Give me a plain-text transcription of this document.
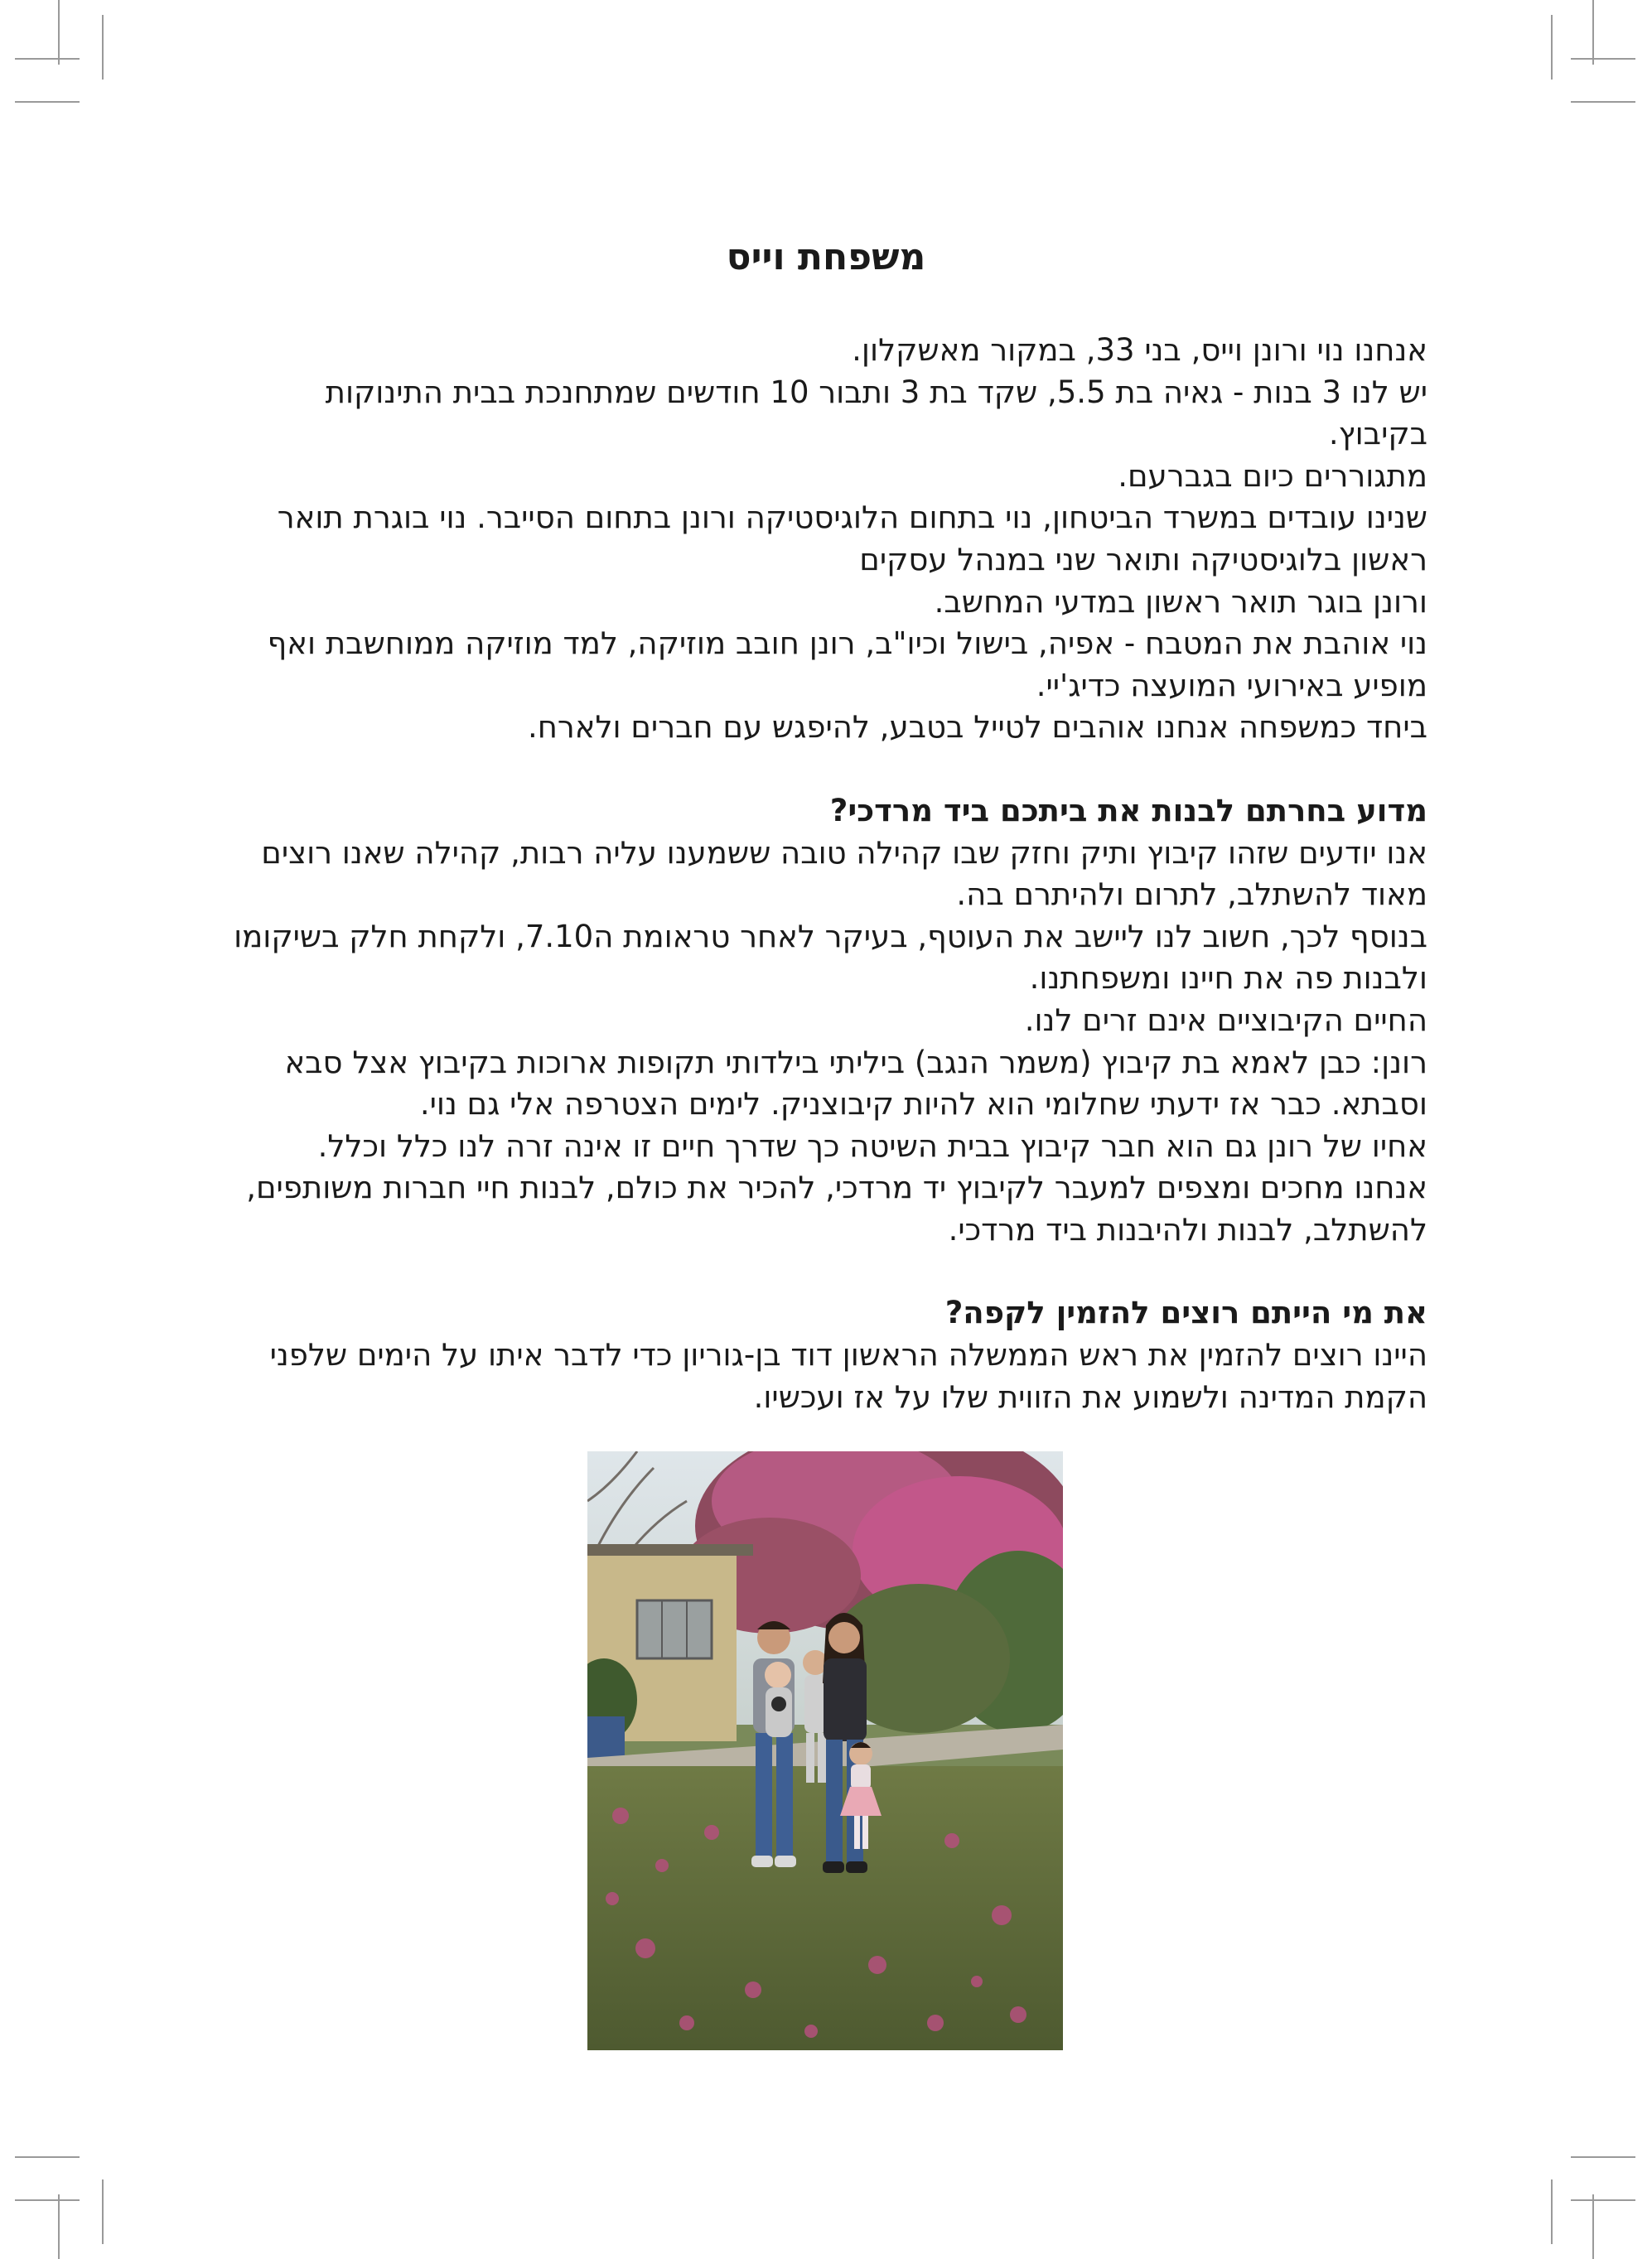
משפחת וייס

אנחנו נוי ורונן וייס, בני 33, במקור מאשקלון.

יש לנו 3 בנות - גאיה בת 5.5, שקד בת 3 ותבור 10 חודשים שמתחנכת בבית התינוקות בקיבוץ.

מתגוררים כיום בגברעם.

שנינו עובדים במשרד הביטחון, נוי בתחום הלוגיסטיקה ורונן בתחום הסייבר. נוי בוגרת תואר ראשון בלוגיסטיקה ותואר שני במנהל עסקים

ורונן בוגר תואר ראשון במדעי המחשב.

נוי אוהבת את המטבח - אפיה, בישול וכיו"ב, רונן חובב מוזיקה, למד מוזיקה ממוחשבת ואף מופיע באירועי המועצה כדיג'יי.

ביחד כמשפחה אנחנו אוהבים לטייל בטבע, להיפגש עם חברים ולארח.

מדוע בחרתם לבנות את ביתכם ביד מרדכי?

אנו יודעים שזהו קיבוץ ותיק וחזק שבו קהילה טובה ששמענו עליה רבות, קהילה שאנו רוצים מאוד להשתלב, לתרום ולהיתרם בה.

בנוסף לכך, חשוב לנו ליישב את העוטף, בעיקר לאחר טראומת ה7.10, ולקחת חלק בשיקומו ולבנות פה את חיינו ומשפחתנו.

החיים הקיבוציים אינם זרים לנו.

רונן: כבן לאמא בת קיבוץ (משמר הנגב) ביליתי בילדותי תקופות ארוכות בקיבוץ אצל סבא וסבתא. כבר אז ידעתי שחלומי הוא להיות קיבוצניק. לימים הצטרפה אלי גם נוי.

אחיו של רונן גם הוא חבר קיבוץ בבית השיטה כך שדרך חיים זו אינה זרה לנו כלל וכלל.

אנחנו מחכים ומצפים למעבר לקיבוץ יד מרדכי, להכיר את כולם, לבנות חיי חברות משותפים, להשתלב, לבנות ולהיבנות ביד מרדכי.

את מי הייתם רוצים להזמין לקפה?

היינו רוצים להזמין את ראש הממשלה הראשון דוד בן-גוריון כדי לדבר איתו על הימים שלפני הקמת המדינה ולשמוע את הזווית שלו על אז ועכשיו.
